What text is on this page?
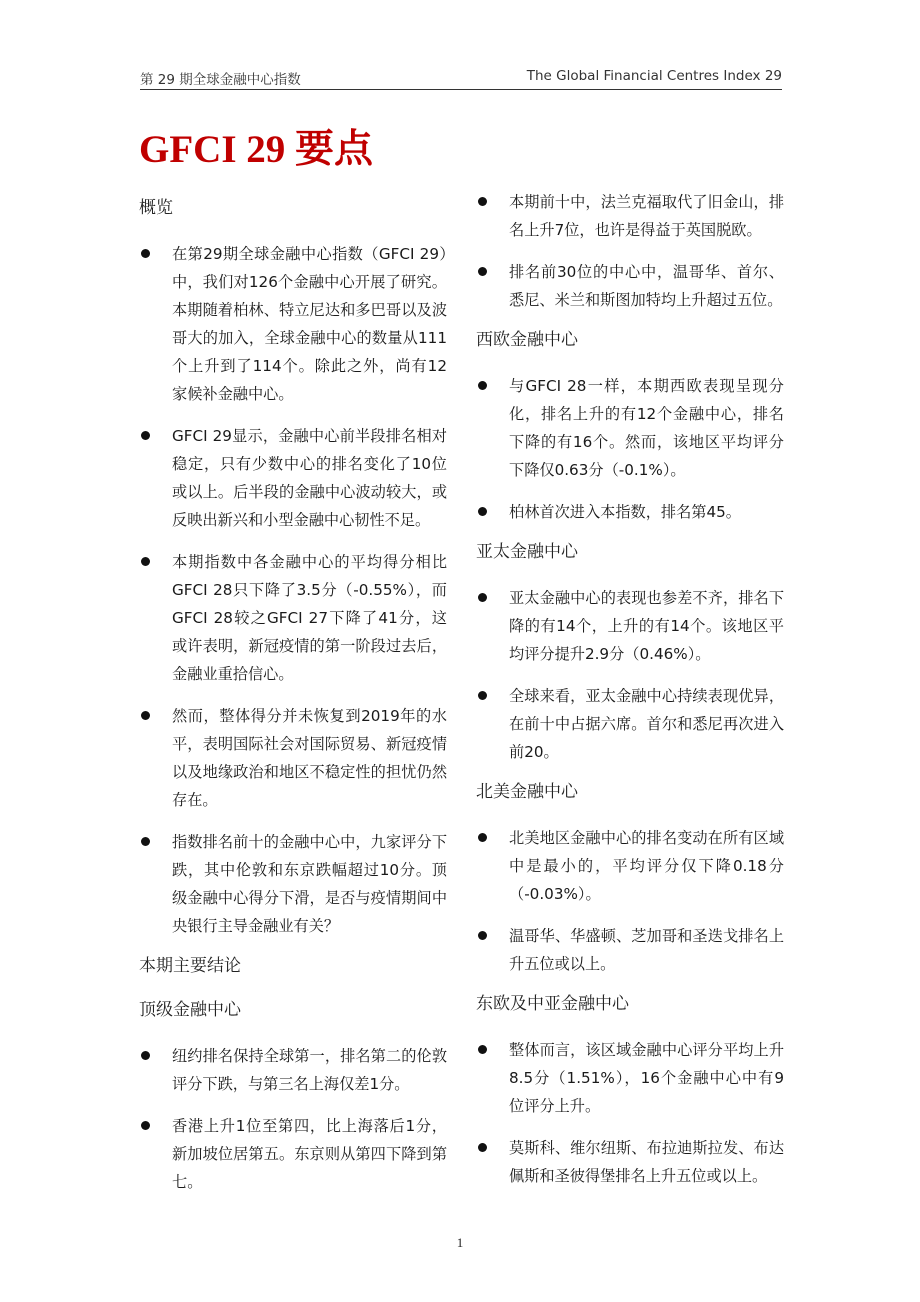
第 29 期全球金融中心指数	The Global Financial Centres Index 29
GFCI 29 要点
概览
在第29期全球金融中心指数（GFCI 29）中，我们对126个金融中心开展了研究。本期随着柏林、特立尼达和多巴哥以及波哥大的加入，全球金融中心的数量从111个上升到了114个。除此之外，尚有12家候补金融中心。
GFCI 29显示，金融中心前半段排名相对稳定，只有少数中心的排名变化了10位或以上。后半段的金融中心波动较大，或反映出新兴和小型金融中心韧性不足。
本期指数中各金融中心的平均得分相比GFCI 28只下降了3.5分（-0.55%），而GFCI 28较之GFCI 27下降了41分，这或许表明，新冠疫情的第一阶段过去后，金融业重拾信心。
然而，整体得分并未恢复到2019年的水平，表明国际社会对国际贸易、新冠疫情以及地缘政治和地区不稳定性的担忧仍然存在。
指数排名前十的金融中心中，九家评分下跌，其中伦敦和东京跌幅超过10分。顶级金融中心得分下滑，是否与疫情期间中央银行主导金融业有关？
本期主要结论
顶级金融中心
纽约排名保持全球第一，排名第二的伦敦评分下跌，与第三名上海仅差1分。
香港上升1位至第四，比上海落后1分，新加坡位居第五。东京则从第四下降到第七。
本期前十中，法兰克福取代了旧金山，排名上升7位，也许是得益于英国脱欧。
排名前30位的中心中，温哥华、首尔、悉尼、米兰和斯图加特均上升超过五位。
西欧金融中心
与GFCI 28一样，本期西欧表现呈现分化，排名上升的有12个金融中心，排名下降的有16个。然而，该地区平均评分下降仅0.63分（-0.1%）。
柏林首次进入本指数，排名第45。
亚太金融中心
亚太金融中心的表现也参差不齐，排名下降的有14个，上升的有14个。该地区平均评分提升2.9分（0.46%）。
全球来看，亚太金融中心持续表现优异，在前十中占据六席。首尔和悉尼再次进入前20。
北美金融中心
北美地区金融中心的排名变动在所有区域中是最小的，平均评分仅下降0.18分（-0.03%）。
温哥华、华盛顿、芝加哥和圣迭戈排名上升五位或以上。
东欧及中亚金融中心
整体而言，该区域金融中心评分平均上升8.5分（1.51%），16个金融中心中有9位评分上升。
莫斯科、维尔纽斯、布拉迪斯拉发、布达佩斯和圣彼得堡排名上升五位或以上。
1
